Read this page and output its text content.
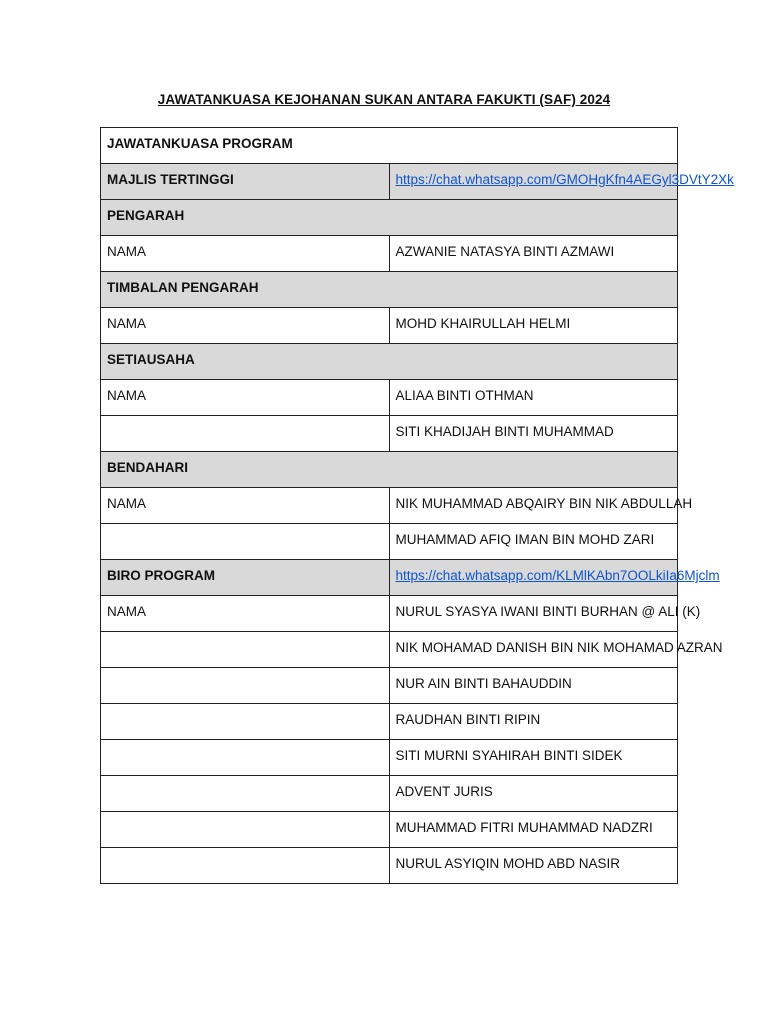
JAWATANKUASA KEJOHANAN SUKAN ANTARA FAKUKTI (SAF) 2024
JAWATANKUASA PROGRAM	
MAJLIS TERTINGGI	https://chat.whatsapp.com/GMOHgKfn4AEGyl3DVtY2Xk
PENGARAH	
NAMA	AZWANIE NATASYA BINTI AZMAWI
TIMBALAN PENGARAH	
NAMA	MOHD KHAIRULLAH HELMI
SETIAUSAHA	
NAMA	ALIAA BINTI OTHMAN
	SITI KHADIJAH BINTI MUHAMMAD
BENDAHARI	
NAMA	NIK MUHAMMAD ABQAIRY BIN NIK ABDULLAH
	MUHAMMAD AFIQ IMAN BIN MOHD ZARI
BIRO PROGRAM	https://chat.whatsapp.com/KLMlKAbn7OOLkiIa6Mjclm
NAMA	NURUL SYASYA IWANI BINTI BURHAN @ ALI (K)
	NIK MOHAMAD DANISH BIN NIK MOHAMAD AZRAN
	NUR AIN BINTI BAHAUDDIN
	RAUDHAN BINTI RIPIN
	SITI MURNI SYAHIRAH BINTI SIDEK
	ADVENT JURIS
	MUHAMMAD FITRI MUHAMMAD NADZRI
	NURUL ASYIQIN MOHD ABD NASIR
